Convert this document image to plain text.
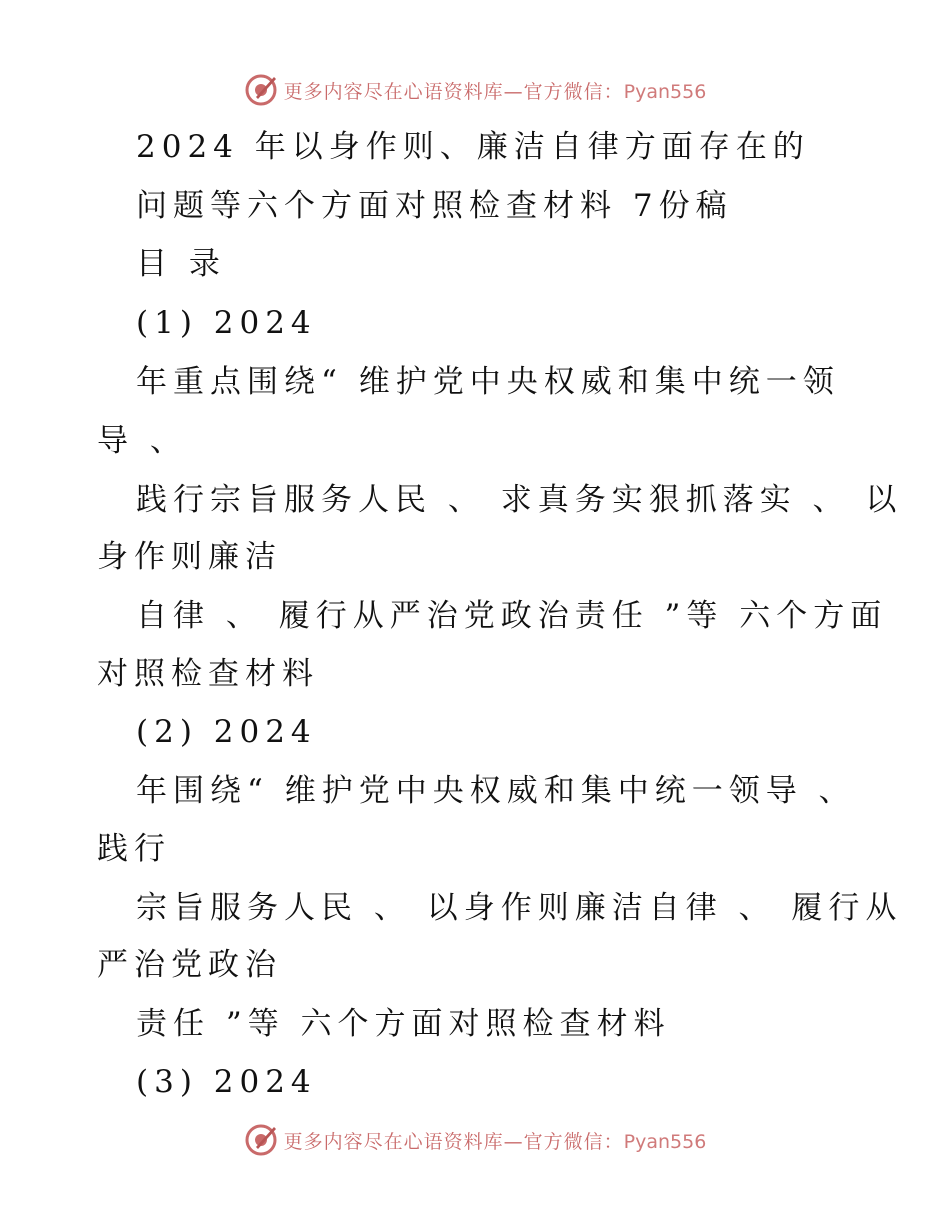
更多内容尽在心语资料库—官方微信：Pyan556
2024 年以身作则、廉洁自律方面存在的
问题等六个方面对照检查材料 7份稿
目 录
(1) 2024
年重点围绕“ 维护党中央权威和集中统一领
导 、
践行宗旨服务人民 、 求真务实狠抓落实 、 以
身作则廉洁
自律 、 履行从严治党政治责任 ”等 六个方面
对照检查材料
(2) 2024
年围绕“ 维护党中央权威和集中统一领导 、
践行
宗旨服务人民 、 以身作则廉洁自律 、 履行从
严治党政治
责任 ”等 六个方面对照检查材料
(3) 2024
更多内容尽在心语资料库—官方微信：Pyan556
